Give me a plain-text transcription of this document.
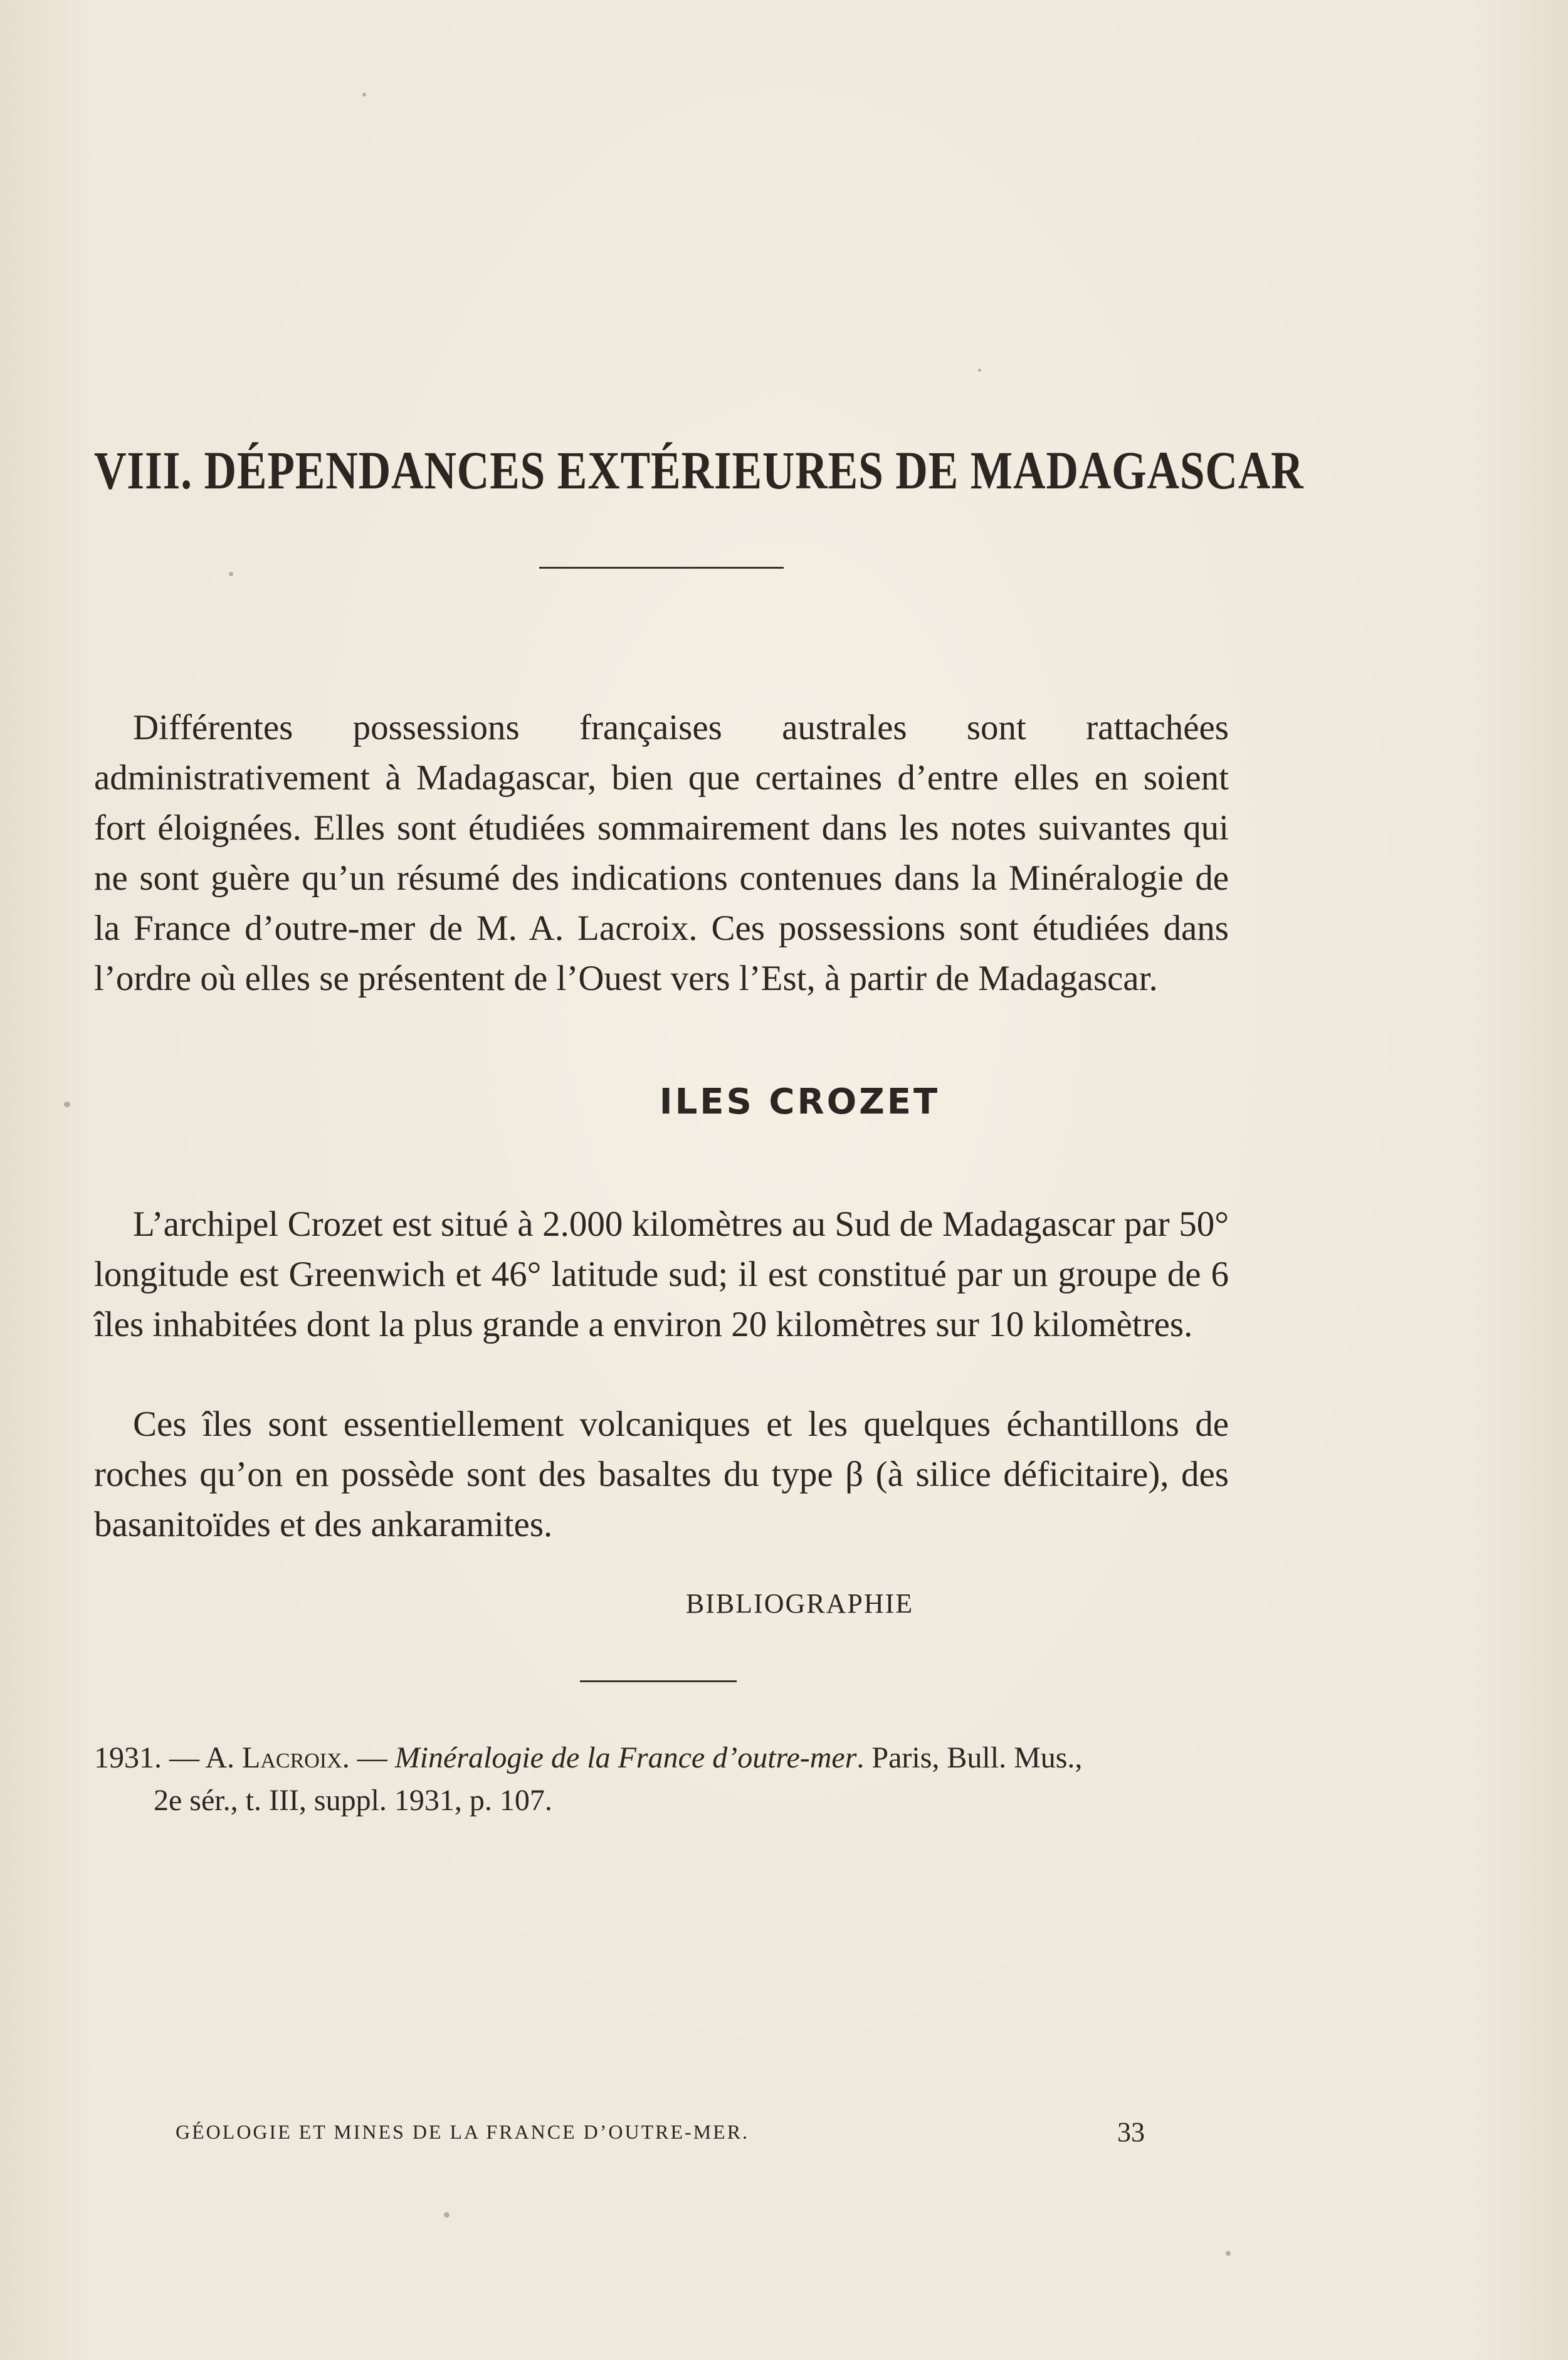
VIII. DÉPENDANCES EXTÉRIEURES DE MADAGASCAR

Différentes possessions françaises australes sont rattachées administrativement à Madagascar, bien que certaines d’entre elles en soient fort éloignées. Elles sont étudiées sommairement dans les notes suivantes qui ne sont guère qu’un résumé des indications contenues dans la Minéralogie de la France d’outre-mer de M. A. Lacroix. Ces possessions sont étudiées dans l’ordre où elles se présentent de l’Ouest vers l’Est, à partir de Madagascar.

ILES CROZET

L’archipel Crozet est situé à 2.000 kilomètres au Sud de Madagascar par 50° longitude est Greenwich et 46° latitude sud; il est constitué par un groupe de 6 îles inhabitées dont la plus grande a environ 20 kilomètres sur 10 kilomètres.

Ces îles sont essentiellement volcaniques et les quelques échantillons de roches qu’on en possède sont des basaltes du type β (à silice déficitaire), des basanitoïdes et des ankaramites.

BIBLIOGRAPHIE
1931. — A. Lacroix. — Minéralogie de la France d’outre-mer. Paris, Bull. Mus.,
2e sér., t. III, suppl. 1931, p. 107.
GÉOLOGIE ET MINES DE LA FRANCE D’OUTRE-MER.	33
